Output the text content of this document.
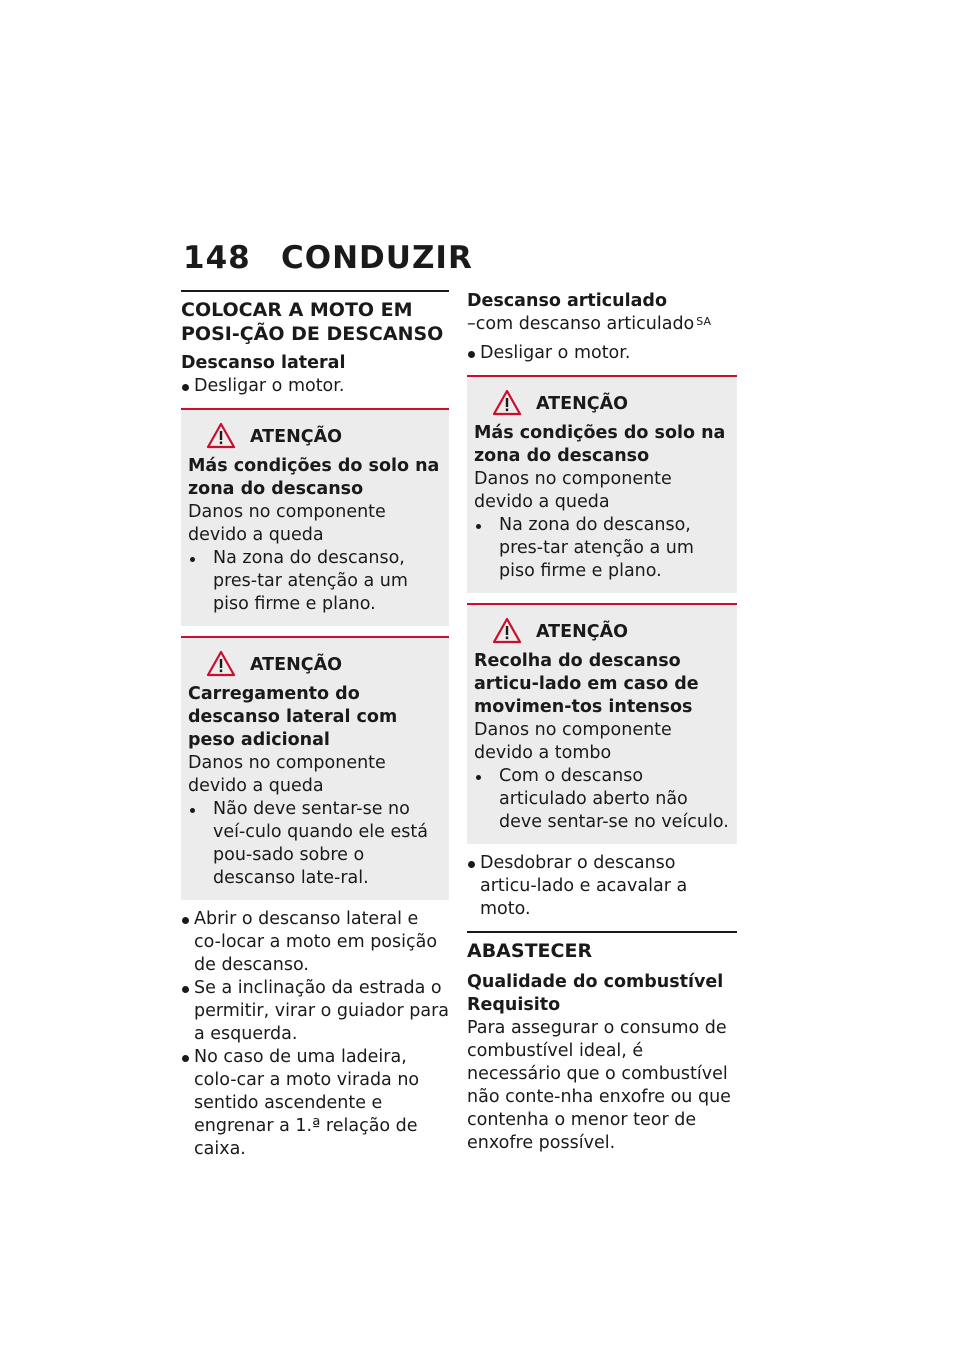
148 CONDUZIR
COLOCAR A MOTO EM POSI-ÇÃO DE DESCANSO
Descanso lateral
Desligar o motor.
ATENÇÃO
Más condições do solo na zona do descanso
Danos no componente devido a queda
Na zona do descanso, pres-tar atenção a um piso firme e plano.
ATENÇÃO
Carregamento do descanso lateral com peso adicional
Danos no componente devido a queda
Não deve sentar-se no veí-culo quando ele está pou-sado sobre o descanso late-ral.
Abrir o descanso lateral e co-locar a moto em posição de descanso.
Se a inclinação da estrada o permitir, virar o guiador para a esquerda.
No caso de uma ladeira, colo-car a moto virada no sentido ascendente e engrenar a 1.ª relação de caixa.
Descanso articulado
–com descanso articulado $^{SA}$
Desligar o motor.
ATENÇÃO
Más condições do solo na zona do descanso
Danos no componente devido a queda
Na zona do descanso, pres-tar atenção a um piso firme e plano.
ATENÇÃO
Recolha do descanso articu-lado em caso de movimen-tos intensos
Danos no componente devido a tombo
Com o descanso articulado aberto não deve sentar-se no veículo.
Desdobrar o descanso articu-lado e acavalar a moto.
ABASTECER
Qualidade do combustível
Requisito
Para assegurar o consumo de combustível ideal, é necessário que o combustível não conte-nha enxofre ou que contenha o menor teor de enxofre possível.
